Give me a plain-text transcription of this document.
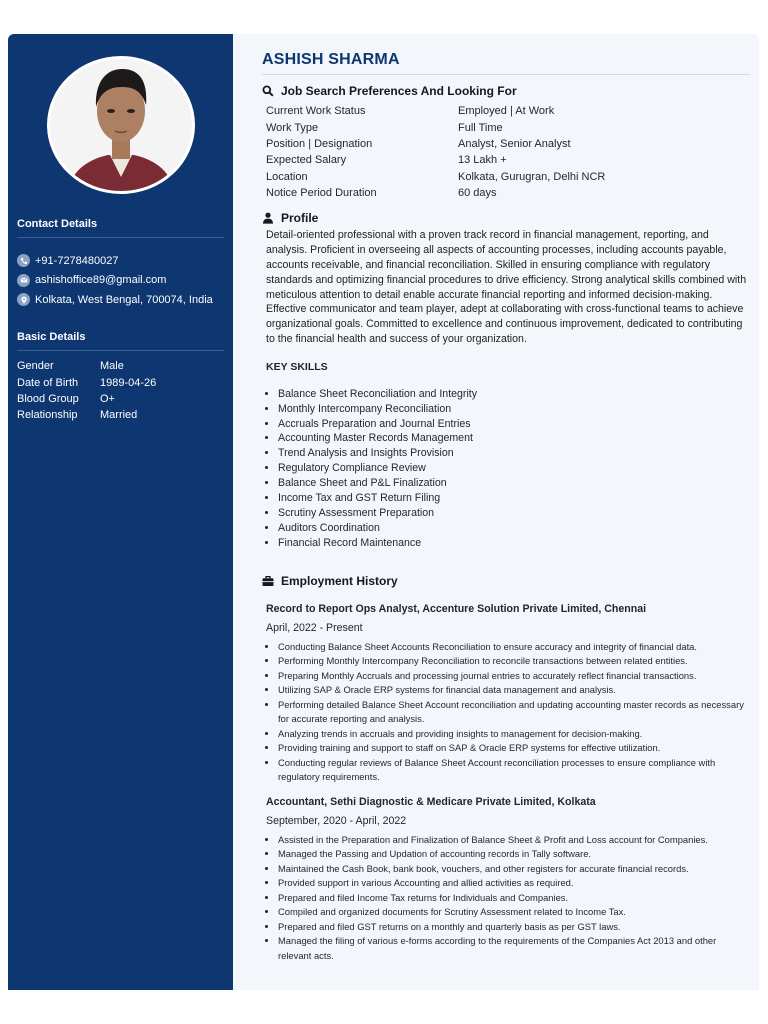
Contact Details
+91-7278480027
ashishoffice89@gmail.com
Kolkata, West Bengal, 700074, India
Basic Details
Gender	Male
Date of Birth	1989-04-26
Blood Group	O+
Relationship	Married
ASHISH SHARMA
Job Search Preferences And Looking For
Current Work Status	Employed | At Work
Work Type	Full Time
Position | Designation	Analyst, Senior Analyst
Expected Salary	13 Lakh +
Location	Kolkata, Gurugran, Delhi NCR
Notice Period Duration	60 days
Profile

Detail-oriented professional with a proven track record in financial management, reporting, and analysis. Proficient in overseeing all aspects of accounting processes, including accounts payable, accounts receivable, and financial reconciliation. Skilled in ensuring compliance with regulatory standards and optimizing financial procedures to drive efficiency. Strong analytical skills combined with meticulous attention to detail enable accurate financial reporting and informed decision-making. Effective communicator and team player, adept at collaborating with cross-functional teams to achieve organizational goals. Committed to excellence and continuous improvement, dedicated to contributing to the financial health and success of your organization.

KEY SKILLS
• Balance Sheet Reconciliation and Integrity
• Monthly Intercompany Reconciliation
• Accruals Preparation and Journal Entries
• Accounting Master Records Management
• Trend Analysis and Insights Provision
• Regulatory Compliance Review
• Balance Sheet and P&L Finalization
• Income Tax and GST Return Filing
• Scrutiny Assessment Preparation
• Auditors Coordination
• Financial Record Maintenance
Employment History
Record to Report Ops Analyst, Accenture Solution Private Limited, Chennai
April, 2022 - Present
• Conducting Balance Sheet Accounts Reconciliation to ensure accuracy and integrity of financial data.
• Performing Monthly Intercompany Reconciliation to reconcile transactions between related entities.
• Preparing Monthly Accruals and processing journal entries to accurately reflect financial transactions.
• Utilizing SAP & Oracle ERP systems for financial data management and analysis.
• Performing detailed Balance Sheet Account reconciliation and updating accounting master records as necessary for accurate reporting and analysis.
• Analyzing trends in accruals and providing insights to management for decision-making.
• Providing training and support to staff on SAP & Oracle ERP systems for effective utilization.
• Conducting regular reviews of Balance Sheet Account reconciliation processes to ensure compliance with regulatory requirements.
Accountant, Sethi Diagnostic & Medicare Private Limited, Kolkata
September, 2020 - April, 2022
• Assisted in the Preparation and Finalization of Balance Sheet & Profit and Loss account for Companies.
• Managed the Passing and Updation of accounting records in Tally software.
• Maintained the Cash Book, bank book, vouchers, and other registers for accurate financial records.
• Provided support in various Accounting and allied activities as required.
• Prepared and filed Income Tax returns for Individuals and Companies.
• Compiled and organized documents for Scrutiny Assessment related to Income Tax.
• Prepared and filed GST returns on a monthly and quarterly basis as per GST laws.
• Managed the filing of various e-forms according to the requirements of the Companies Act 2013 and other relevant acts.
